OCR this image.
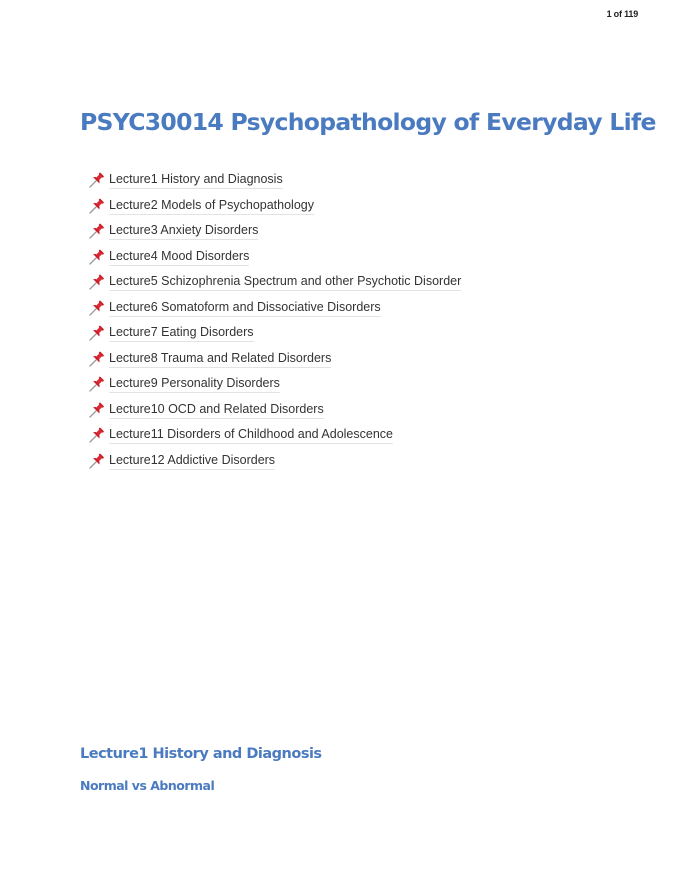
1 of 119
PSYC30014 Psychopathology of Everyday Life
Lecture1 History and Diagnosis
Lecture2 Models of Psychopathology
Lecture3 Anxiety Disorders
Lecture4 Mood Disorders
Lecture5 Schizophrenia Spectrum and other Psychotic Disorder
Lecture6 Somatoform and Dissociative Disorders
Lecture7 Eating Disorders
Lecture8 Trauma and Related Disorders
Lecture9 Personality Disorders
Lecture10 OCD and Related Disorders
Lecture11 Disorders of Childhood and Adolescence
Lecture12 Addictive Disorders
Lecture1 History and Diagnosis
Normal vs Abnormal
